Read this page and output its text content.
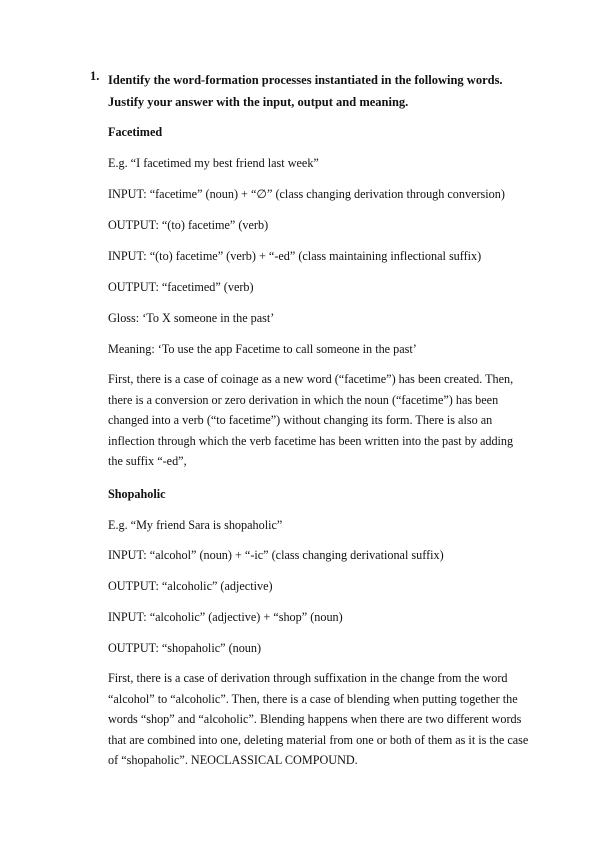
1. Identify the word-formation processes instantiated in the following words.
Justify your answer with the input, output and meaning.
Facetimed
E.g. “I facetimed my best friend last week”
INPUT: “facetime” (noun) + “∅” (class changing derivation through conversion)
OUTPUT: “(to) facetime” (verb)
INPUT: “(to) facetime” (verb) + “-ed” (class maintaining inflectional suffix)
OUTPUT: “facetimed” (verb)
Gloss: ‘To X someone in the past’
Meaning: ‘To use the app Facetime to call someone in the past’
First, there is a case of coinage as a new word (“facetime”) has been created. Then,
there is a conversion or zero derivation in which the noun (“facetime”) has been
changed into a verb (“to facetime”) without changing its form. There is also an
inflection through which the verb facetime has been written into the past by adding
the suffix “-ed”,
Shopaholic
E.g. “My friend Sara is shopaholic”
INPUT: “alcohol” (noun) + “-ic” (class changing derivational suffix)
OUTPUT: “alcoholic” (adjective)
INPUT: “alcoholic” (adjective) + “shop” (noun)
OUTPUT: “shopaholic” (noun)
First, there is a case of derivation through suffixation in the change from the word
“alcohol” to “alcoholic”. Then, there is a case of blending when putting together the
words “shop” and “alcoholic”. Blending happens when there are two different words
that are combined into one, deleting material from one or both of them as it is the case
of “shopaholic”. NEOCLASSICAL COMPOUND.
